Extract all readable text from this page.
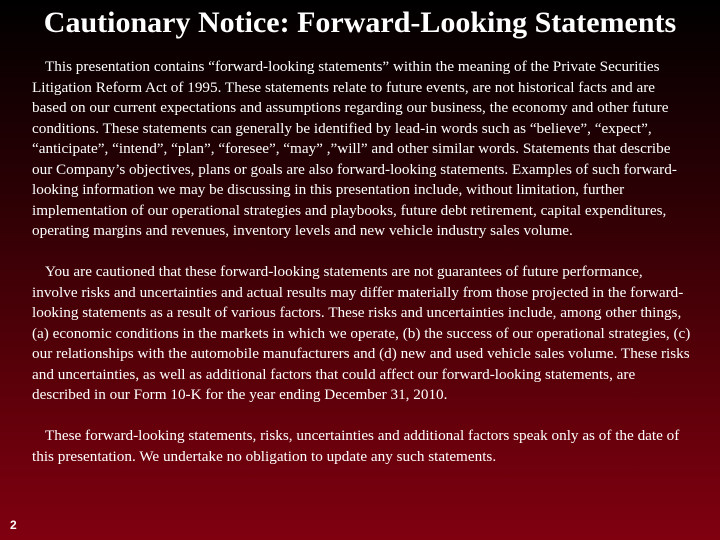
Cautionary Notice: Forward-Looking Statements

This presentation contains “forward-looking statements” within the meaning of the Private Securities Litigation Reform Act of 1995. These statements relate to future events, are not historical facts and are based on our current expectations and assumptions regarding our business, the economy and other future conditions. These statements can generally be identified by lead-in words such as “believe”, “expect”, “anticipate”, “intend”, “plan”, “foresee”, “may” ,”will” and other similar words. Statements that describe our Company’s objectives, plans or goals are also forward-looking statements. Examples of such forward-looking information we may be discussing in this presentation include, without limitation, further implementation of our operational strategies and playbooks, future debt retirement, capital expenditures, operating margins and revenues, inventory levels and new vehicle industry sales volume.

You are cautioned that these forward-looking statements are not guarantees of future performance, involve risks and uncertainties and actual results may differ materially from those projected in the forward-looking statements as a result of various factors. These risks and uncertainties include, among other things, (a) economic conditions in the markets in which we operate, (b) the success of our operational strategies, (c) our relationships with the automobile manufacturers and (d) new and used vehicle sales volume. These risks and uncertainties, as well as additional factors that could affect our forward-looking statements, are described in our Form 10-K for the year ending December 31, 2010.

These forward-looking statements, risks, uncertainties and additional factors speak only as of the date of this presentation. We undertake no obligation to update any such statements.

2
